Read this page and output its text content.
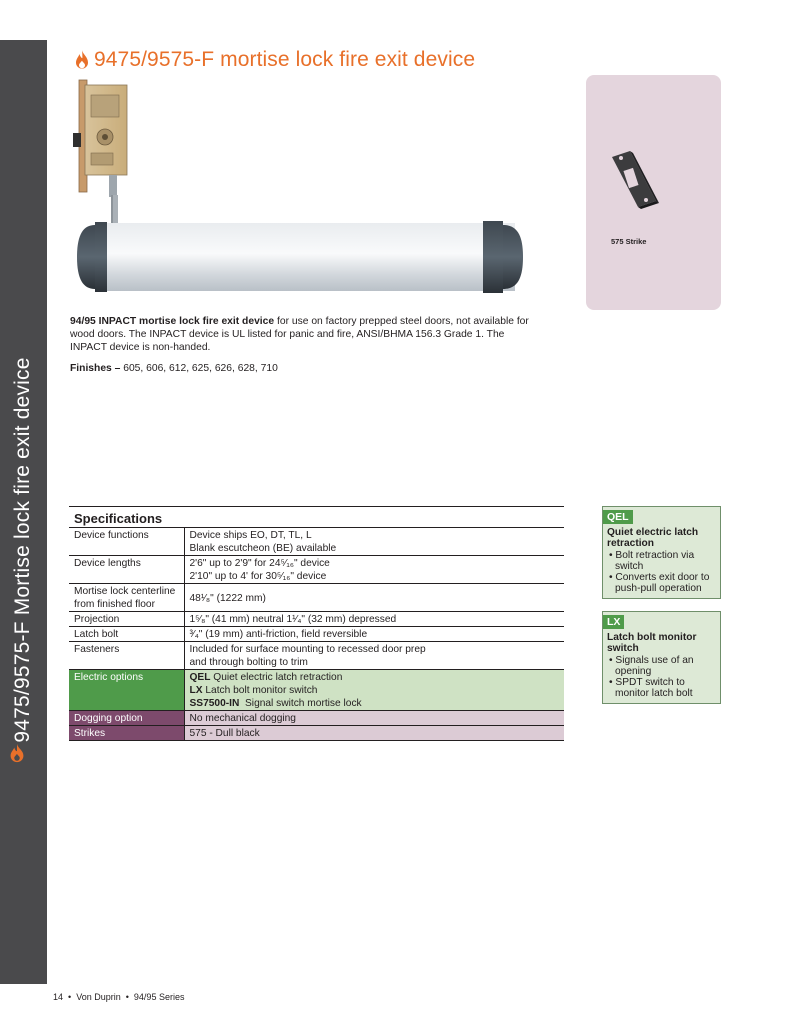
9475/9575-F Mortise lock fire exit device
9475/9575-F mortise lock fire exit device
575 Strike

94/95 INPACT mortise lock fire exit device for use on factory prepped steel doors, not available for wood doors. The INPACT device is UL listed for panic and fire, ANSI/BHMA 156.3 Grade 1. The INPACT device is non-handed.

Finishes – 605, 606, 612, 625, 626, 628, 710

Specifications
Device functions	Device ships EO, DT, TL, L
Blank escutcheon (BE) available

Device lengths	2'6" up to 2'9" for 24⁵⁄₁₆" device
2'10" up to 4' for 30⁵⁄₁₆" device

Mortise lock centerline from finished floor	48¹⁄₈" (1222 mm)
Projection	1⁵⁄₈" (41 mm) neutral 1¹⁄₄" (32 mm) depressed
Latch bolt	³⁄₄" (19 mm) anti-friction, field reversible
Fasteners	Included for surface mounting to recessed door prep
and through bolting to trim

Electric options	QEL Quiet electric latch retraction
LX Latch bolt monitor switch
SS7500-IN  Signal switch mortise lock

Dogging option	No mechanical dogging
Strikes	575 - Dull black
QEL
Quiet electric latch retraction
• Bolt retraction via switch
• Converts exit door to push-pull operation
LX
Latch bolt monitor switch
• Signals use of an opening
• SPDT switch to monitor latch bolt
14 • Von Duprin • 94/95 Series
